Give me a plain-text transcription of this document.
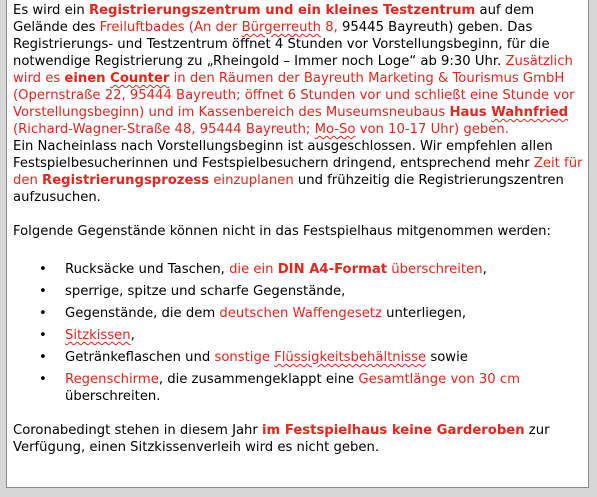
Es wird ein Registrierungszentrum und ein kleines Testzentrum auf dem Gelände des Freiluftbades (An der Bürgerreuth 8, 95445 Bayreuth) geben. Das Registrierungs- und Testzentrum öffnet 4 Stunden vor Vorstellungsbeginn, für die notwendige Registrierung zu „Rheingold – Immer noch Loge“ ab 9:30 Uhr. Zusätzlich wird es einen Counter in den Räumen der Bayreuth Marketing & Tourismus GmbH (Opernstraße 22, 95444 Bayreuth; öffnet 6 Stunden vor und schließt eine Stunde vor Vorstellungsbeginn) und im Kassenbereich des Museumsneubaus Haus Wahnfried (Richard-Wagner-Straße 48, 95444 Bayreuth; Mo-So von 10-17 Uhr) geben.
Ein Nacheinlass nach Vorstellungsbeginn ist ausgeschlossen. Wir empfehlen allen Festspielbesucherinnen und Festspielbesuchern dringend, entsprechend mehr Zeit für den Registrierungsprozess einzuplanen und frühzeitig die Registrierungszentren aufzusuchen.

Folgende Gegenstände können nicht in das Festspielhaus mitgenommen werden:

• Rucksäcke und Taschen, die ein DIN A4-Format überschreiten,
• sperrige, spitze und scharfe Gegenstände,
• Gegenstände, die dem deutschen Waffengesetz unterliegen,
• Sitzkissen,
• Getränkeflaschen und sonstige Flüssigkeitsbehältnisse sowie
• Regenschirme, die zusammengeklappt eine Gesamtlänge von 30 cm überschreiten.

Coronabedingt stehen in diesem Jahr im Festspielhaus keine Garderoben zur Verfügung, einen Sitzkissenverleih wird es nicht geben.
